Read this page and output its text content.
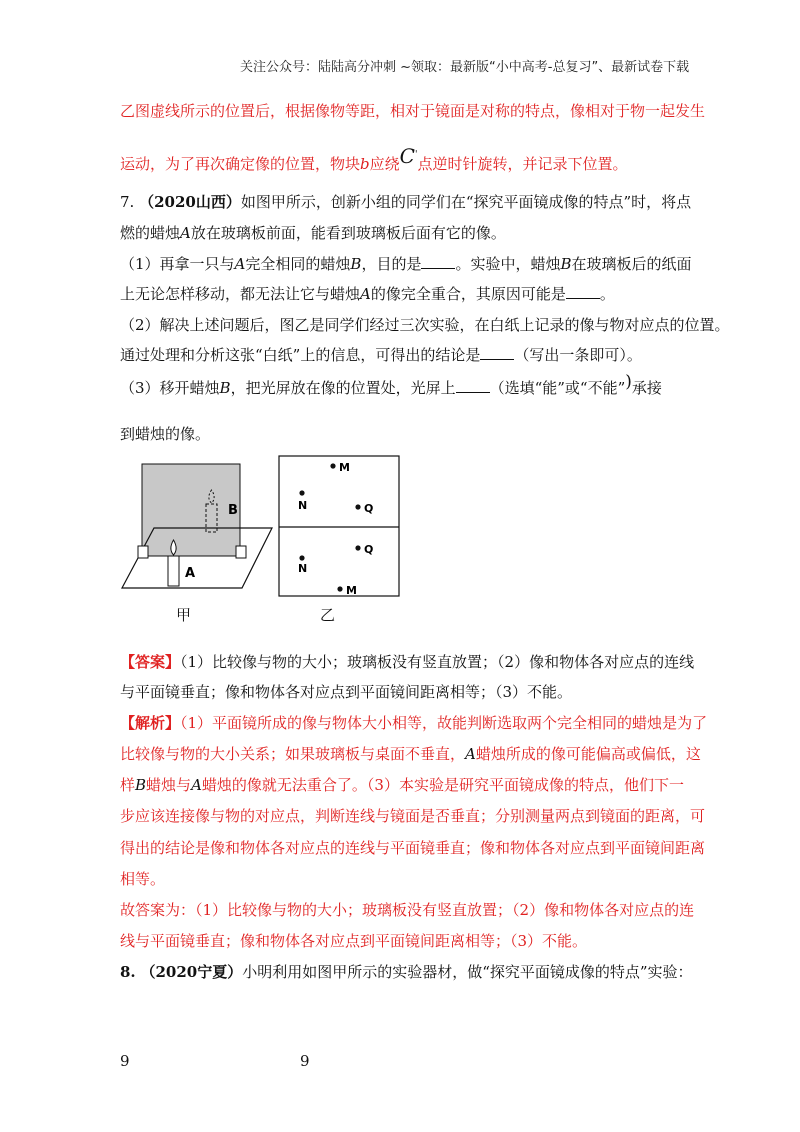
关注公众号：陆陆高分冲刺 ~领取：最新版“小中高考-总复习”、最新试卷下载
乙图虚线所示的位置后，根据像物等距，相对于镜面是对称的特点，像相对于物一起发生
运动，为了再次确定像的位置，物块b应绕C'点逆时针旋转，并记录下位置。
7. （2020山西）如图甲所示，创新小组的同学们在“探究平面镜成像的特点”时，将点
燃的蜡烛A放在玻璃板前面，能看到玻璃板后面有它的像。
（1）再拿一只与A完全相同的蜡烛B，目的是 。实验中，蜡烛B在玻璃板后的纸面
上无论怎样移动，都无法让它与蜡烛A的像完全重合，其原因可能是 。
（2）解决上述问题后，图乙是同学们经过三次实验，在白纸上记录的像与物对应点的位置。
通过处理和分析这张“白纸”上的信息，可得出的结论是 （写出一条即可）。
（3）移开蜡烛B，把光屏放在像的位置处，光屏上 （选填“能”或“不能”)承接
到蜡烛的像。
A
B
M
N	Q
Q
N
M
甲	乙
【答案】（1）比较像与物的大小；玻璃板没有竖直放置；（2）像和物体各对应点的连线
与平面镜垂直；像和物体各对应点到平面镜间距离相等；（3）不能。
【解析】（1）平面镜所成的像与物体大小相等，故能判断选取两个完全相同的蜡烛是为了
比较像与物的大小关系；如果玻璃板与桌面不垂直，A蜡烛所成的像可能偏高或偏低，这
样B蜡烛与A蜡烛的像就无法重合了。（3）本实验是研究平面镜成像的特点，他们下一
步应该连接像与物的对应点，判断连线与镜面是否垂直；分别测量两点到镜面的距离，可
得出的结论是像和物体各对应点的连线与平面镜垂直；像和物体各对应点到平面镜间距离
相等。
故答案为：（1）比较像与物的大小；玻璃板没有竖直放置；（2）像和物体各对应点的连
线与平面镜垂直；像和物体各对应点到平面镜间距离相等；（3）不能。
8. （2020宁夏）小明利用如图甲所示的实验器材，做“探究平面镜成像的特点”实验：
9	9
